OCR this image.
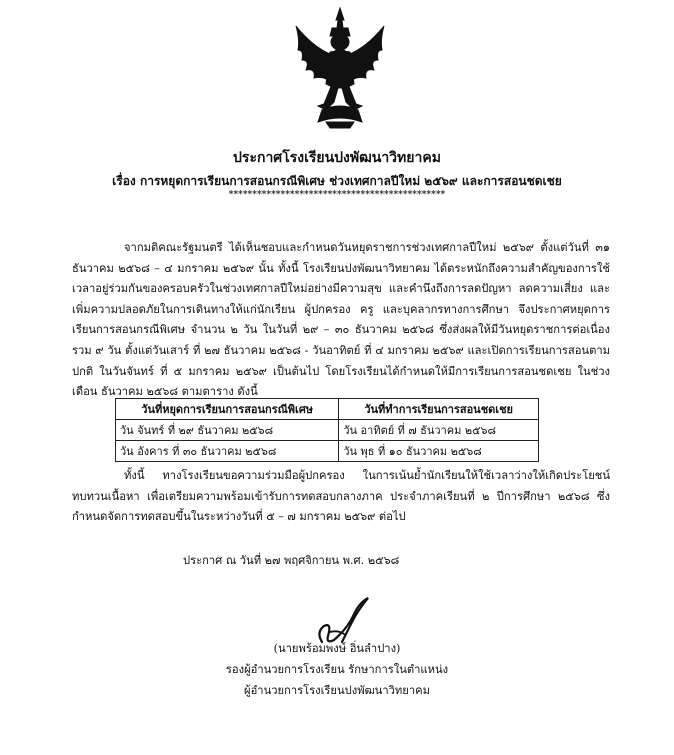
ประกาศโรงเรียนปงพัฒนาวิทยาคม
เรื่อง การหยุดการเรียนการสอนกรณีพิเศษ ช่วงเทศกาลปีใหม่ ๒๕๖๙ และการสอนชดเชย
**********************************************

จากมติคณะรัฐมนตรี ได้เห็นชอบและกำหนดวันหยุดราชการช่วงเทศกาลปีใหม่ ๒๕๖๙ ตั้งแต่วันที่ ๓๑ ธันวาคม ๒๕๖๘ – ๔ มกราคม ๒๕๖๙ นั้น ทั้งนี้ โรงเรียนปงพัฒนาวิทยาคม ได้ตระหนักถึงความสำคัญของการใช้เวลาอยู่ร่วมกันของครอบครัวในช่วงเทศกาลปีใหม่อย่างมีความสุข และคำนึงถึงการลดปัญหา ลดความเสี่ยง และเพิ่มความปลอดภัยในการเดินทางให้แก่นักเรียน ผู้ปกครอง ครู และบุคลากรทางการศึกษา จึงประกาศหยุดการเรียนการสอนกรณีพิเศษ จำนวน ๒ วัน ในวันที่ ๒๙ – ๓๐ ธันวาคม ๒๕๖๘ ซึ่งส่งผลให้มีวันหยุดราชการต่อเนื่อง รวม ๙ วัน ตั้งแต่วันเสาร์ ที่ ๒๗ ธันวาคม ๒๕๖๘ - วันอาทิตย์ ที่ ๔ มกราคม ๒๕๖๙ และเปิดการเรียนการสอนตามปกติ ในวันจันทร์ ที่ ๕ มกราคม ๒๕๖๙ เป็นต้นไป โดยโรงเรียนได้กำหนดให้มีการเรียนการสอนชดเชย ในช่วงเดือน ธันวาคม ๒๕๖๘ ตามตาราง ดังนี้

วันที่หยุดการเรียนการสอนกรณีพิเศษ	วันที่ทำการเรียนการสอนชดเชย
วัน จันทร์ ที่ ๒๙ ธันวาคม ๒๕๖๘	วัน อาทิตย์ ที่ ๗ ธันวาคม ๒๕๖๘
วัน อังคาร ที่ ๓๐ ธันวาคม ๒๕๖๘	วัน พุธ ที่ ๑๐ ธันวาคม ๒๕๖๘

ทั้งนี้ ทางโรงเรียนขอความร่วมมือผู้ปกครอง ในการเน้นย้ำนักเรียนให้ใช้เวลาว่างให้เกิดประโยชน์ ทบทวนเนื้อหา เพื่อเตรียมความพร้อมเข้ารับการทดสอบกลางภาค ประจำภาคเรียนที่ ๒ ปีการศึกษา ๒๕๖๘ ซึ่งกำหนดจัดการทดสอบขึ้นในระหว่างวันที่ ๕ – ๗ มกราคม ๒๕๖๙ ต่อไป

ประกาศ ณ วันที่ ๒๗ พฤศจิกายน พ.ศ. ๒๕๖๘
(นายพร้อมพงษ์ อิ่นลำปาง)
รองผู้อำนวยการโรงเรียน รักษาการในตำแหน่ง
ผู้อำนวยการโรงเรียนปงพัฒนาวิทยาคม
